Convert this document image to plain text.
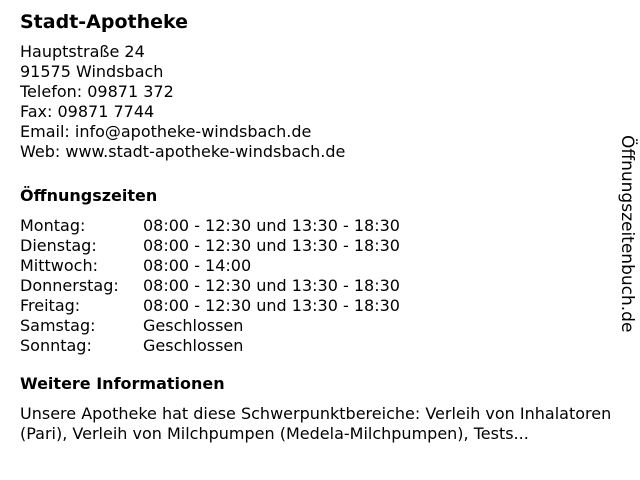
Stadt-Apotheke
Hauptstraße 24
91575 Windsbach
Telefon: 09871 372
Fax: 09871 7744
Email: info@apotheke-windsbach.de
Web: www.stadt-apotheke-windsbach.de
Öffnungszeiten
Montag:	08:00 - 12:30 und 13:30 - 18:30
Dienstag:	08:00 - 12:30 und 13:30 - 18:30
Mittwoch:	08:00 - 14:00
Donnerstag:	08:00 - 12:30 und 13:30 - 18:30
Freitag:	08:00 - 12:30 und 13:30 - 18:30
Samstag:	Geschlossen
Sonntag:	Geschlossen
Weitere Informationen
Unsere Apotheke hat diese Schwerpunktbereiche: Verleih von Inhalatoren (Pari), Verleih von Milchpumpen (Medela-Milchpumpen), Tests...
Öffnungszeitenbuch.de
